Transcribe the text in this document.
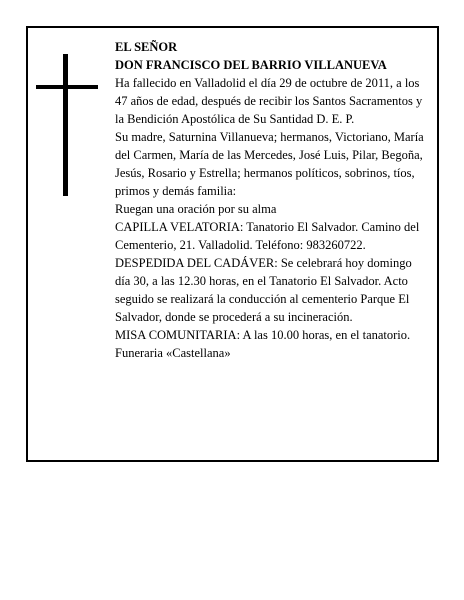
EL SEÑOR

DON FRANCISCO DEL BARRIO VILLANUEVA

Ha fallecido en Valladolid el día 29 de octubre de 2011, a los 47 años de edad, después de recibir los Santos Sacramentos y la Bendición Apostólica de Su Santidad D. E. P.

Su madre, Saturnina Villanueva; hermanos, Victoriano, María del Carmen, María de las Mercedes, José Luis, Pilar, Begoña, Jesús, Rosario y Estrella; hermanos políticos, sobrinos, tíos, primos y demás familia:

Ruegan una oración por su alma

CAPILLA VELATORIA: Tanatorio El Salvador. Camino del Cementerio, 21. Valladolid. Teléfono: 983260722.

DESPEDIDA DEL CADÁVER: Se celebrará hoy domingo día 30, a las 12.30 horas, en el Tanatorio El Salvador. Acto seguido se realizará la conducción al cementerio Parque El Salvador, donde se procederá a su incineración.

MISA COMUNITARIA: A las 10.00 horas, en el tanatorio.

Funeraria «Castellana»
